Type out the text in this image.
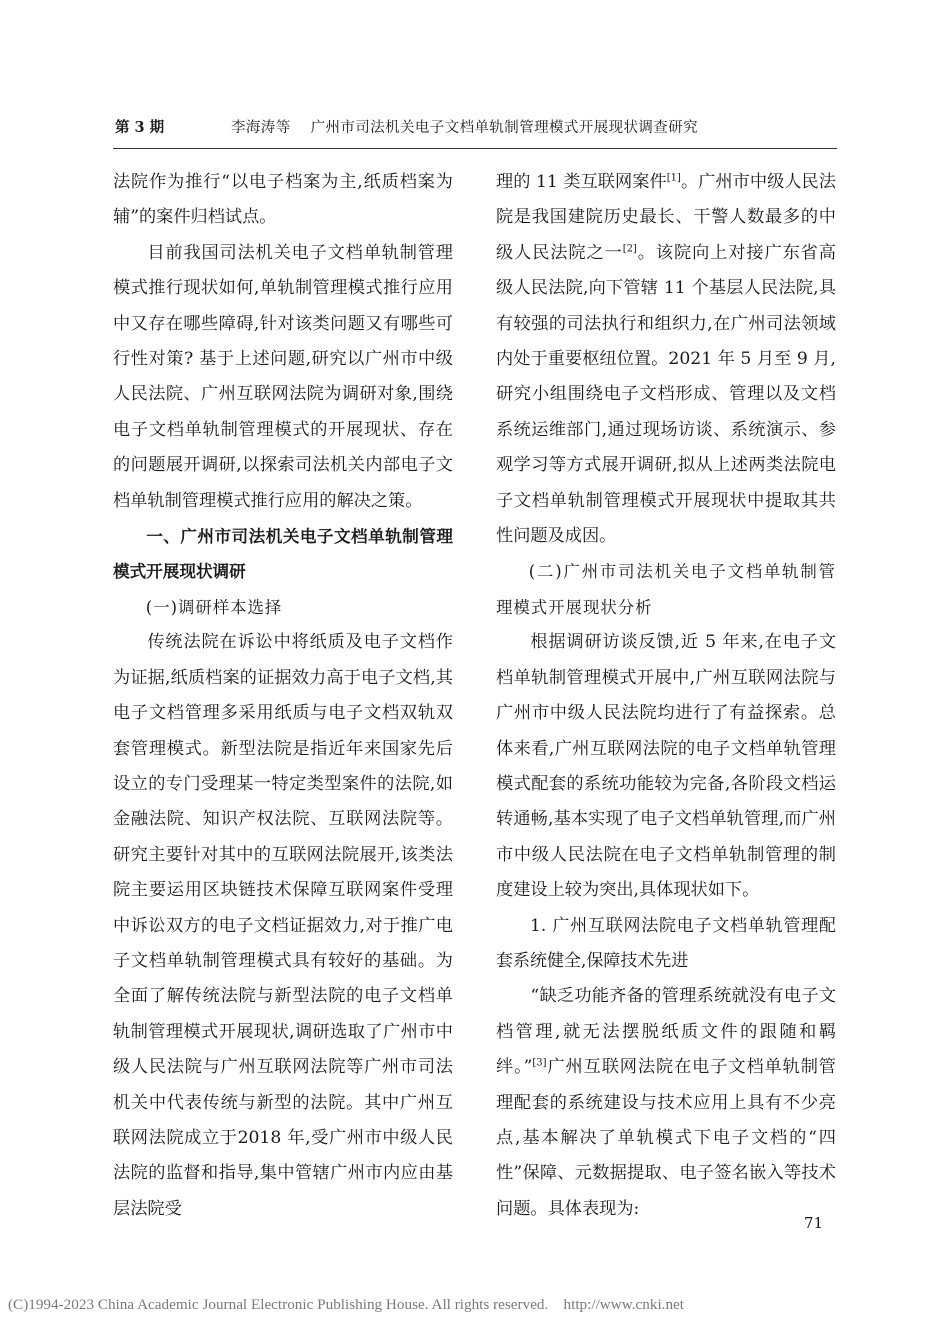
第 3 期	李海涛等 广州市司法机关电子文档单轨制管理模式开展现状调查研究

法院作为推行“以电子档案为主,纸质档案为辅”的案件归档试点。

目前我国司法机关电子文档单轨制管理模式推行现状如何,单轨制管理模式推行应用中又存在哪些障碍,针对该类问题又有哪些可行性对策? 基于上述问题,研究以广州市中级人民法院、广州互联网法院为调研对象,围绕电子文档单轨制管理模式的开展现状、存在的问题展开调研,以探索司法机关内部电子文档单轨制管理模式推行应用的解决之策。

一、广州市司法机关电子文档单轨制管理模式开展现状调研

(一)调研样本选择

传统法院在诉讼中将纸质及电子文档作为证据,纸质档案的证据效力高于电子文档,其电子文档管理多采用纸质与电子文档双轨双套管理模式。新型法院是指近年来国家先后设立的专门受理某一特定类型案件的法院,如金融法院、知识产权法院、互联网法院等。研究主要针对其中的互联网法院展开,该类法院主要运用区块链技术保障互联网案件受理中诉讼双方的电子文档证据效力,对于推广电子文档单轨制管理模式具有较好的基础。为全面了解传统法院与新型法院的电子文档单轨制管理模式开展现状,调研选取了广州市中级人民法院与广州互联网法院等广州市司法机关中代表传统与新型的法院。其中广州互联网法院成立于2018 年,受广州市中级人民法院的监督和指导,集中管辖广州市内应由基层法院受

理的 11 类互联网案件[1]。广州市中级人民法院是我国建院历史最长、干警人数最多的中级人民法院之一[2]。该院向上对接广东省高级人民法院,向下管辖 11 个基层人民法院,具有较强的司法执行和组织力,在广州司法领域内处于重要枢纽位置。2021 年 5 月至 9 月,研究小组围绕电子文档形成、管理以及文档系统运维部门,通过现场访谈、系统演示、参观学习等方式展开调研,拟从上述两类法院电子文档单轨制管理模式开展现状中提取其共性问题及成因。

(二)广州市司法机关电子文档单轨制管理模式开展现状分析

根据调研访谈反馈,近 5 年来,在电子文档单轨制管理模式开展中,广州互联网法院与广州市中级人民法院均进行了有益探索。总体来看,广州互联网法院的电子文档单轨管理模式配套的系统功能较为完备,各阶段文档运转通畅,基本实现了电子文档单轨管理,而广州市中级人民法院在电子文档单轨制管理的制度建设上较为突出,具体现状如下。

1. 广州互联网法院电子文档单轨管理配套系统健全,保障技术先进

“缺乏功能齐备的管理系统就没有电子文档管理,就无法摆脱纸质文件的跟随和羁绊。”[3]广州互联网法院在电子文档单轨制管理配套的系统建设与技术应用上具有不少亮点,基本解决了单轨模式下电子文档的“四性”保障、元数据提取、电子签名嵌入等技术问题。具体表现为:

71
(C)1994-2023 China Academic Journal Electronic Publishing House. All rights reserved. http://www.cnki.net
